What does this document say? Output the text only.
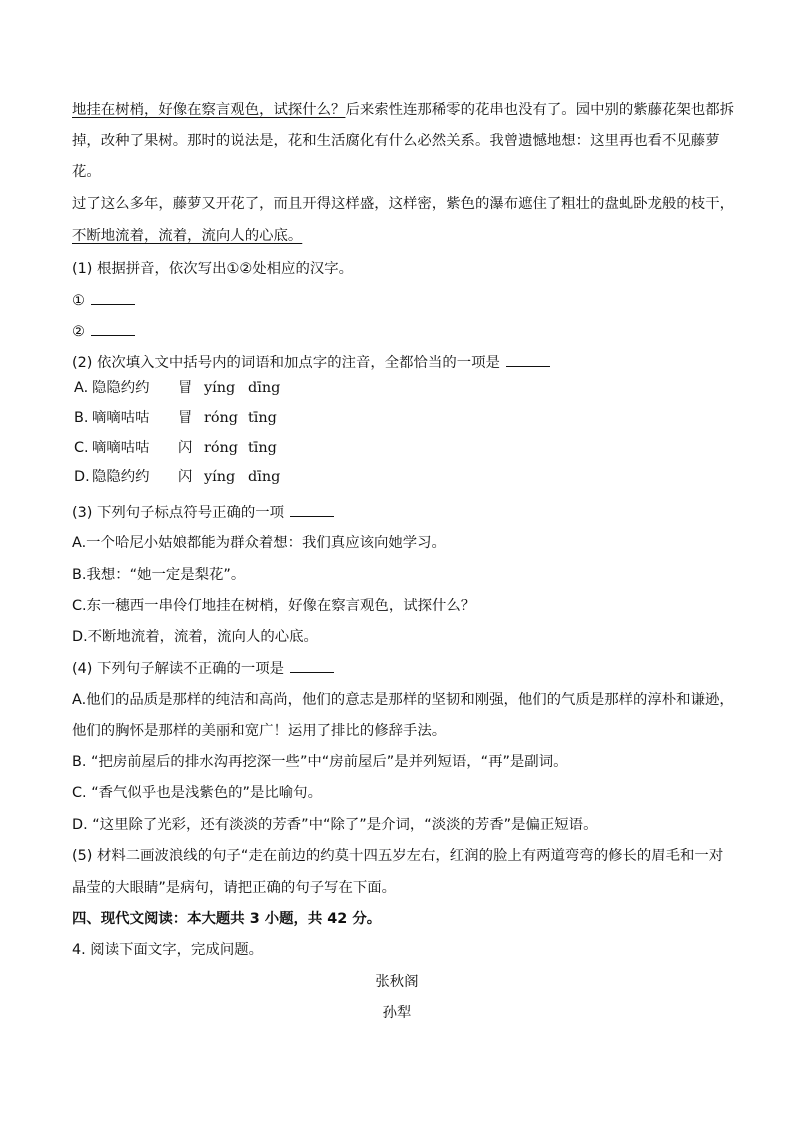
地挂在树梢，好像在察言观色，试探什么？后来索性连那稀零的花串也没有了。园中别的紫藤花架也都拆

掉，改种了果树。那时的说法是，花和生活腐化有什么必然关系。我曾遗憾地想：这里再也看不见藤萝

花。

过了这么多年，藤萝又开花了，而且开得这样盛，这样密，紫色的瀑布遮住了粗壮的盘虬卧龙般的枝干，

不断地流着，流着，流向人的心底。

(1) 根据拼音，依次写出①②处相应的汉字。

①

②

(2) 依次填入文中括号内的词语和加点字的注音，全都恰当的一项是

A. 隐隐约约 冒 yíng dīng
B. 嘀嘀咕咕 冒 róng tīng
C. 嘀嘀咕咕 闪 róng tīng
D. 隐隐约约 闪 yíng dīng

(3) 下列句子标点符号正确的一项

A.一个哈尼小姑娘都能为群众着想：我们真应该向她学习。

B.我想：“她一定是梨花”。

C.东一穗西一串伶仃地挂在树梢，好像在察言观色，试探什么？

D.不断地流着，流着，流向人的心底。

(4) 下列句子解读不正确的一项是

A.他们的品质是那样的纯洁和高尚，他们的意志是那样的坚韧和刚强，他们的气质是那样的淳朴和谦逊，

他们的胸怀是那样的美丽和宽广！运用了排比的修辞手法。

B. “把房前屋后的排水沟再挖深一些”中“房前屋后”是并列短语，“再”是副词。

C. “香气似乎也是浅紫色的”是比喻句。

D. “这里除了光彩，还有淡淡的芳香”中“除了”是介词，“淡淡的芳香”是偏正短语。

(5) 材料二画波浪线的句子“走在前边的约莫十四五岁左右，红润的脸上有两道弯弯的修长的眉毛和一对

晶莹的大眼睛”是病句，请把正确的句子写在下面。

四、现代文阅读：本大题共 3 小题，共 42 分。

4. 阅读下面文字，完成问题。

张秋阁
孙犁
